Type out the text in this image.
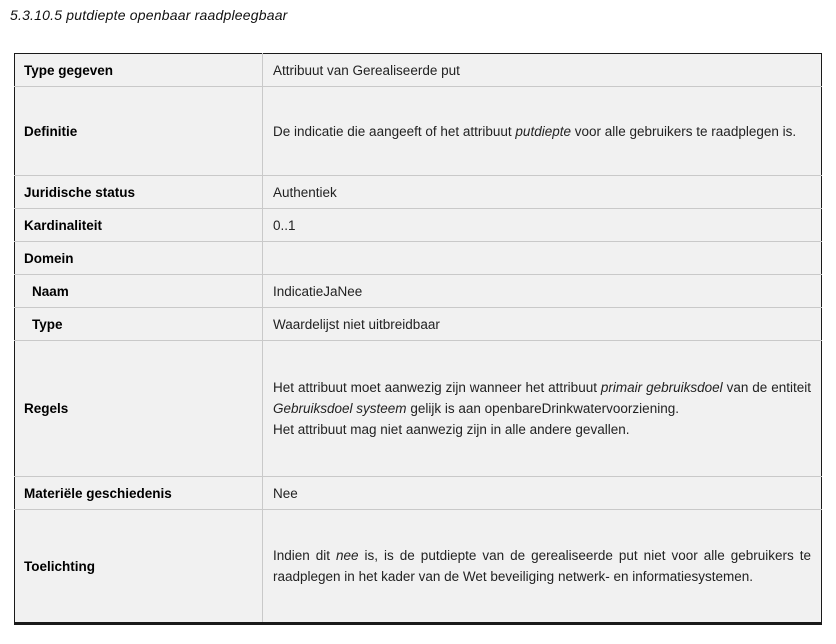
5.3.10.5 putdiepte openbaar raadpleegbaar
Type gegeven	Attribuut van Gerealiseerde put

Definitie	De indicatie die aangeeft of het attribuut putdiepte voor alle gebruikers te raadplegen is.

Juridische status	Authentiek

Kardinaliteit	0..1

Domein	
Naam	IndicatieJaNee

Type	Waardelijst niet uitbreidbaar

Regels	Het attribuut moet aanwezig zijn wanneer het attribuut primair gebruiksdoel van de entiteit Gebruiksdoel systeem gelijk is aan openbareDrinkwatervoorziening.

Het attribuut mag niet aanwezig zijn in alle andere gevallen.

Materiële geschiedenis	Nee

Toelichting	Indien dit nee is, is de putdiepte van de gerealiseerde put niet voor alle gebruikers te raadplegen in het kader van de Wet beveiliging netwerk- en informatiesystemen.
